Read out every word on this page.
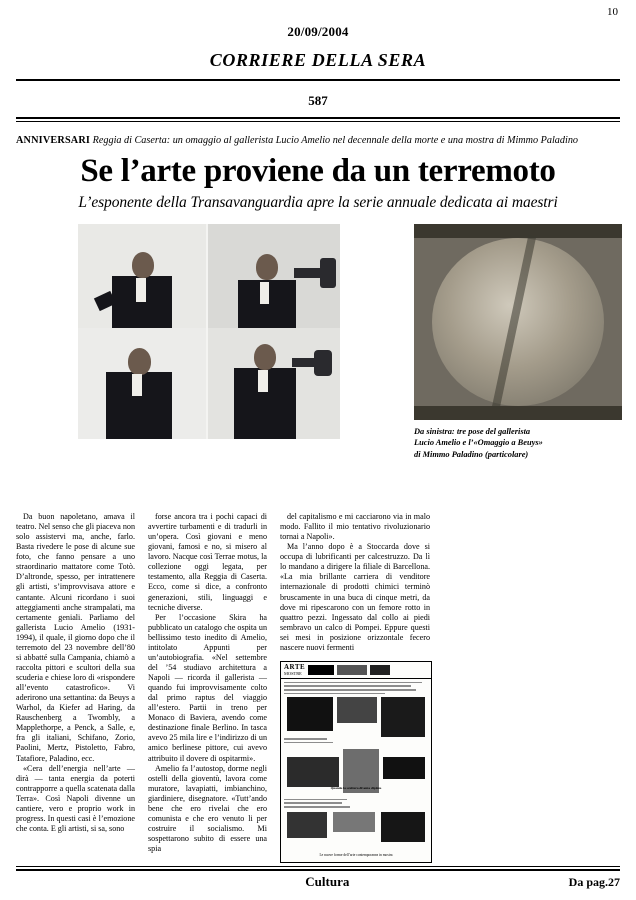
10
20/09/2004
CORRIERE DELLA SERA
587
ANNIVERSARI Reggia di Caserta: un omaggio al gallerista Lucio Amelio nel decennale della morte e una mostra di Mimmo Paladino
Se l’arte proviene da un terremoto
L’esponente della Transavanguardia apre la serie annuale dedicata ai maestri
Da sinistra: tre pose del gallerista
Lucio Amelio e l’«Omaggio a Beuys»
di Mimmo Paladino (particolare)

Da buon napoletano, amava il teatro. Nel senso che gli piaceva non solo assistervi ma, anche, farlo. Basta rivedere le pose di alcune sue foto, che fanno pensare a uno straordinario mattatore come Totò. D’altronde, spesso, per intrattenere gli artisti, s’improvvisava attore e cantante. Alcuni ricordano i suoi atteggiamenti anche strampalati, ma certamente geniali. Parliamo del gallerista Lucio Amelio (1931-1994), il quale, il giorno dopo che il terremoto del 23 novembre dell’80 si abbatté sulla Campania, chiamò a raccolta pittori e scultori della sua scuderia e chiese loro di «rispondere all’evento catastrofico». Vi aderirono una settantina: da Beuys a Warhol, da Kiefer ad Haring, da Rauschenberg a Twombly, a Mapplethorpe, a Penck, a Sallе, e, fra gli italiani, Schifano, Zorio, Paolini, Mertz, Pistoletto, Fabro, Tatafiore, Paladino, ecc.

«Cera dell’energia nell’arte — dirà — tanta energia da poterti contrapporre a quella scatenata dalla Terra». Così Napoli divenne un cantiere, vero e proprio work in progress. In questi casi è l’emozione che conta. E gli artisti, si sa, sono

forse ancora tra i pochi capaci di avvertire turbamenti e di tradurli in un’opera. Così giovani e meno giovani, famosi e no, si misero al lavoro. Nacque così Terrae motus, la collezione oggi legata, per testamento, alla Reggia di Caserta. Ecco, come si dice, a confronto generazioni, stili, linguaggi e tecniche diverse.

Per l’occasione Skira ha pubblicato un catalogo che ospita un bellissimo testo inedito di Amelio, intitolato Appunti per un’autobiografia. «Nel settembre del ’54 studiavo architettura a Napoli — ricorda il gallerista — quando fui improvvisamente colto dal primo raptus del viaggio all’estero. Partii in treno per Monaco di Baviera, avendo come destinazione finale Berlino. In tasca avevo 25 mila lire e l’indirizzo di un amico berlinese pittore, cui avevo attribuito il dovere di ospitarmi».

Amelio fa l’autostop, dorme negli ostelli della gioventù, lavora come muratore, lavapiatti, imbianchino, giardiniere, disegnatore. «Tutt’ando bene che ero rivelai che ero comunista e che ero venuto li per costruire il socialismo. Mi sospettarono subito di essere una spia

del capitalismo e mi cacciarono via in malo modo. Fallito il mio tentativo rivoluzionario tornai a Napoli».

Ma l’anno dopo è a Stoccarda dove si occupa di lubrificanti per calcestruzzo. Da lì lo mandano a dirigere la filiale di Barcellona. «La mia brillante carriera di venditore internazionale di prodotti chimici terminò bruscamente in una buca di cinque metri, da dove mi ripescarono con un femore rotto in quattro pezzi. Ingessato dal collo ai piedi sembravo un calco di Pompei. Eppure questi sei mesi in posizione orizzontale fecero nascere nuovi fermenti

ARTE
MOSTRE
Quando la scultura diventa dipinto
Le nuove forme dell’arte contemporanea in mostra
Cultura	Da pag.27
